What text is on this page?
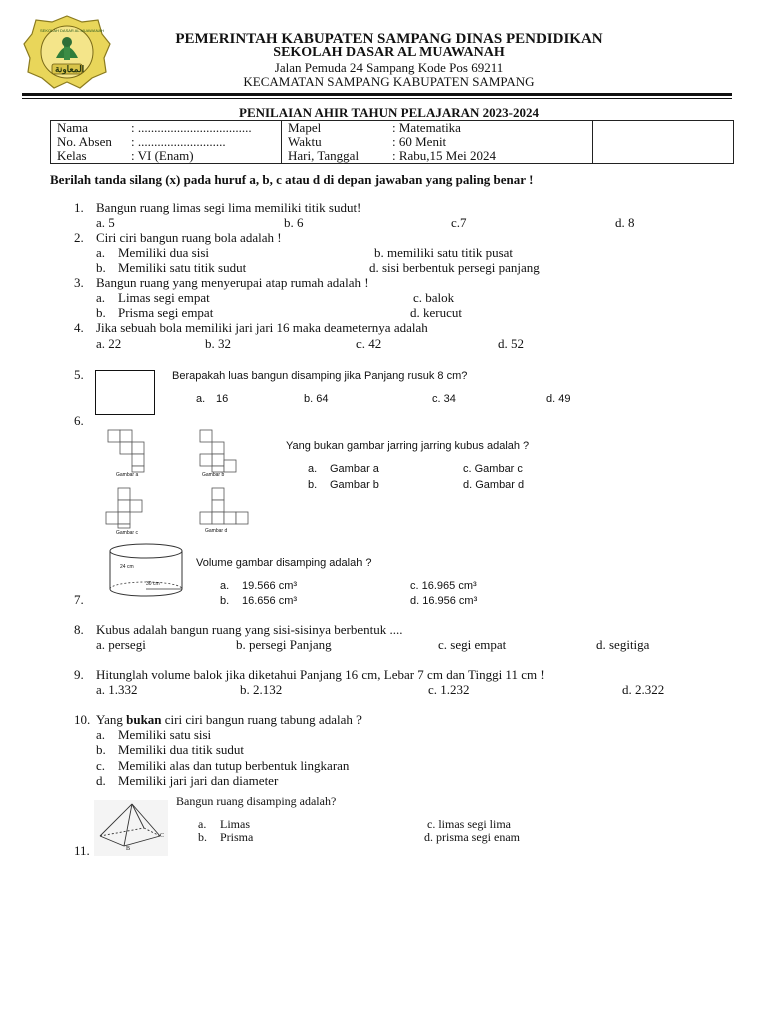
SEKOLAH DASAR AL MUAWANAH
المعاونة
PEMERINTAH KABUPATEN SAMPANG DINAS PENDIDIKAN
SEKOLAH DASAR AL MUAWANAH
Jalan Pemuda 24 Sampang Kode Pos 69211
KECAMATAN SAMPANG KABUPATEN SAMPANG
PENILAIAN AHIR TAHUN PELAJARAN 2023-2024
Nama	: ...................................
No. Absen	: ...........................
Kelas	: VI (Enam)

Mapel	: Matematika
Waktu	: 60 Menit
Hari, Tanggal	: Rabu,15 Mei 2024

Berilah tanda silang (x) pada huruf a, b, c atau d di depan jawaban yang paling benar !
1. Bangun ruang limas segi lima memiliki titik sudut!
a. 5	b. 6	c.7	d. 8
2. Ciri ciri bangun ruang bola adalah !
a. Memiliki dua sisi	b. memiliki satu titik pusat
b. Memiliki satu titik sudut	d. sisi berbentuk persegi panjang
3. Bangun ruang yang menyerupai atap rumah adalah !
a. Limas segi empat	c. balok
b. Prisma segi empat	d. kerucut
4. Jika sebuah bola memiliki jari jari 16 maka deameternya adalah
a. 22	b. 32	c. 42	d. 52
5.	Berapakah luas bangun disamping jika Panjang rusuk 8 cm?
a. 16	b. 64	c. 34	d. 49
6.
Gambar a	Gambar b
Gambar c	Gambar d
Yang bukan gambar jarring jarring kubus adalah ?
a. Gambar a	c. Gambar c
b. Gambar b	d. Gambar d
24 cm
30 cm
Volume gambar disamping adalah ?
a. 19.566 cm³	c. 16.965 cm³
b. 16.656 cm³	d. 16.956 cm³
7.
8. Kubus adalah bangun ruang yang sisi-sisinya berbentuk ....
a. persegi	b. persegi Panjang	c. segi empat	d. segitiga
9. Hitunglah volume balok jika diketahui Panjang 16 cm, Lebar 7 cm dan Tinggi 11 cm !
a. 1.332	b. 2.132	c. 1.232	d. 2.322
10. Yang bukan ciri ciri bangun ruang tabung adalah ?
a. Memiliki satu sisi
b. Memiliki dua titik sudut
c. Memiliki alas dan tutup berbentuk lingkaran
d. Memiliki jari jari dan diameter
C
B
Bangun ruang disamping adalah?
a. Limas	c. limas segi lima
b. Prisma	d. prisma segi enam
11.
